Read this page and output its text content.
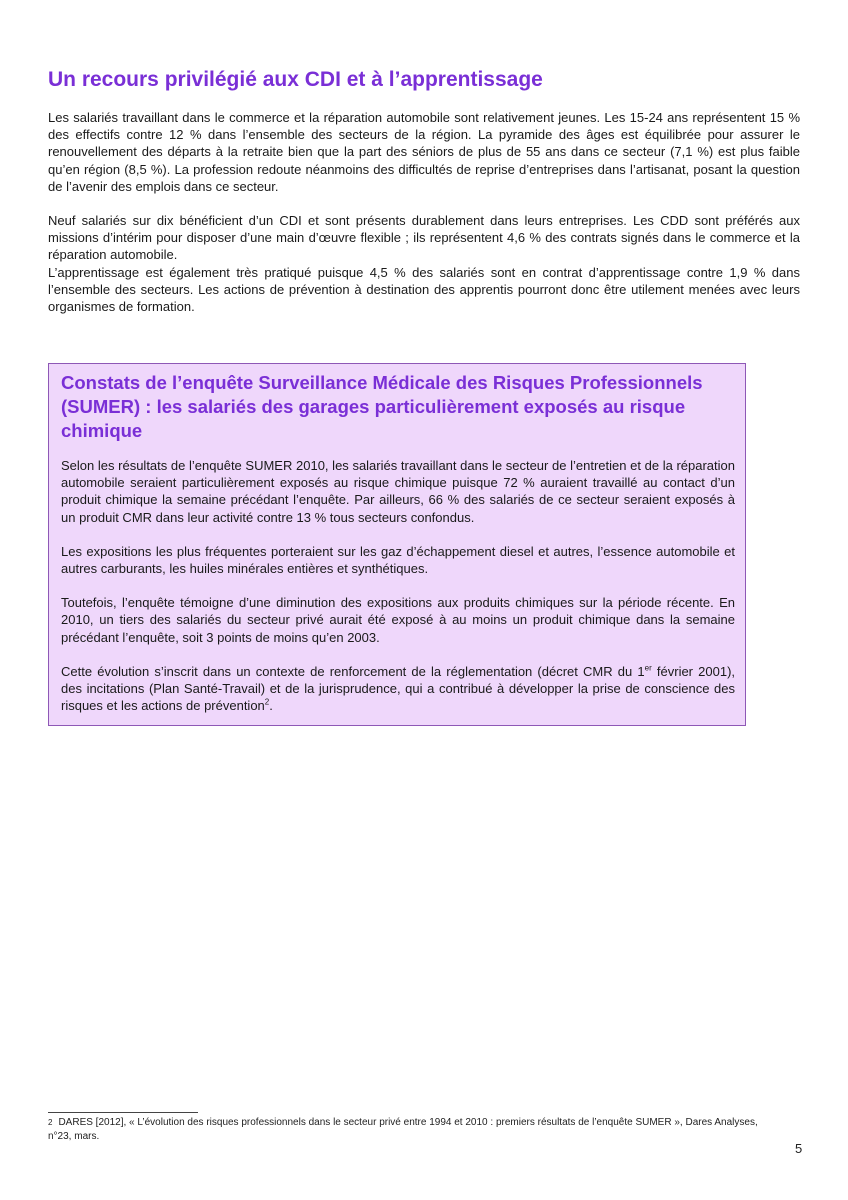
Un recours privilégié aux CDI et à l’apprentissage

Les salariés travaillant dans le commerce et la réparation automobile sont relativement jeunes. Les 15-24 ans représentent 15 % des effectifs contre 12 % dans l’ensemble des secteurs de la région. La pyramide des âges est équilibrée pour assurer le renouvellement des départs à la retraite bien que la part des séniors de plus de 55 ans dans ce secteur (7,1 %) est plus faible qu’en région (8,5 %). La profession redoute néanmoins des difficultés de reprise d’entreprises dans l’artisanat, posant la question de l’avenir des emplois dans ce secteur.

Neuf salariés sur dix bénéficient d’un CDI et sont présents durablement dans leurs entreprises. Les CDD sont préférés aux missions d’intérim pour disposer d’une main d’œuvre flexible ; ils représentent 4,6 % des contrats signés dans le commerce et la réparation automobile.

L’apprentissage est également très pratiqué puisque 4,5 % des salariés sont en contrat d’apprentissage contre 1,9 % dans l’ensemble des secteurs. Les actions de prévention à destination des apprentis pourront donc être utilement menées avec leurs organismes de formation.

Constats de l’enquête Surveillance Médicale des Risques Professionnels (SUMER) : les salariés des garages particulièrement exposés au risque chimique

Selon les résultats de l’enquête SUMER 2010, les salariés travaillant dans le secteur de l’entretien et de la réparation automobile seraient particulièrement exposés au risque chimique puisque 72 % auraient travaillé au contact d’un produit chimique la semaine précédant l’enquête. Par ailleurs, 66 % des salariés de ce secteur seraient exposés à un produit CMR dans leur activité contre 13 % tous secteurs confondus.

Les expositions les plus fréquentes porteraient sur les gaz d’échappement diesel et autres, l’essence automobile et autres carburants, les huiles minérales entières et synthétiques.

Toutefois, l’enquête témoigne d’une diminution des expositions aux produits chimiques sur la période récente. En 2010, un tiers des salariés du secteur privé aurait été exposé à au moins un produit chimique dans la semaine précédant l’enquête, soit 3 points de moins qu’en 2003.

Cette évolution s’inscrit dans un contexte de renforcement de la réglementation (décret CMR du 1er février 2001), des incitations (Plan Santé-Travail) et de la jurisprudence, qui a contribué à développer la prise de conscience des risques et les actions de prévention$^2$.

$^2$ DARES [2012], « L’évolution des risques professionnels dans le secteur privé entre 1994 et 2010 : premiers résultats de l’enquête SUMER », Dares Analyses, n°23, mars.
5
